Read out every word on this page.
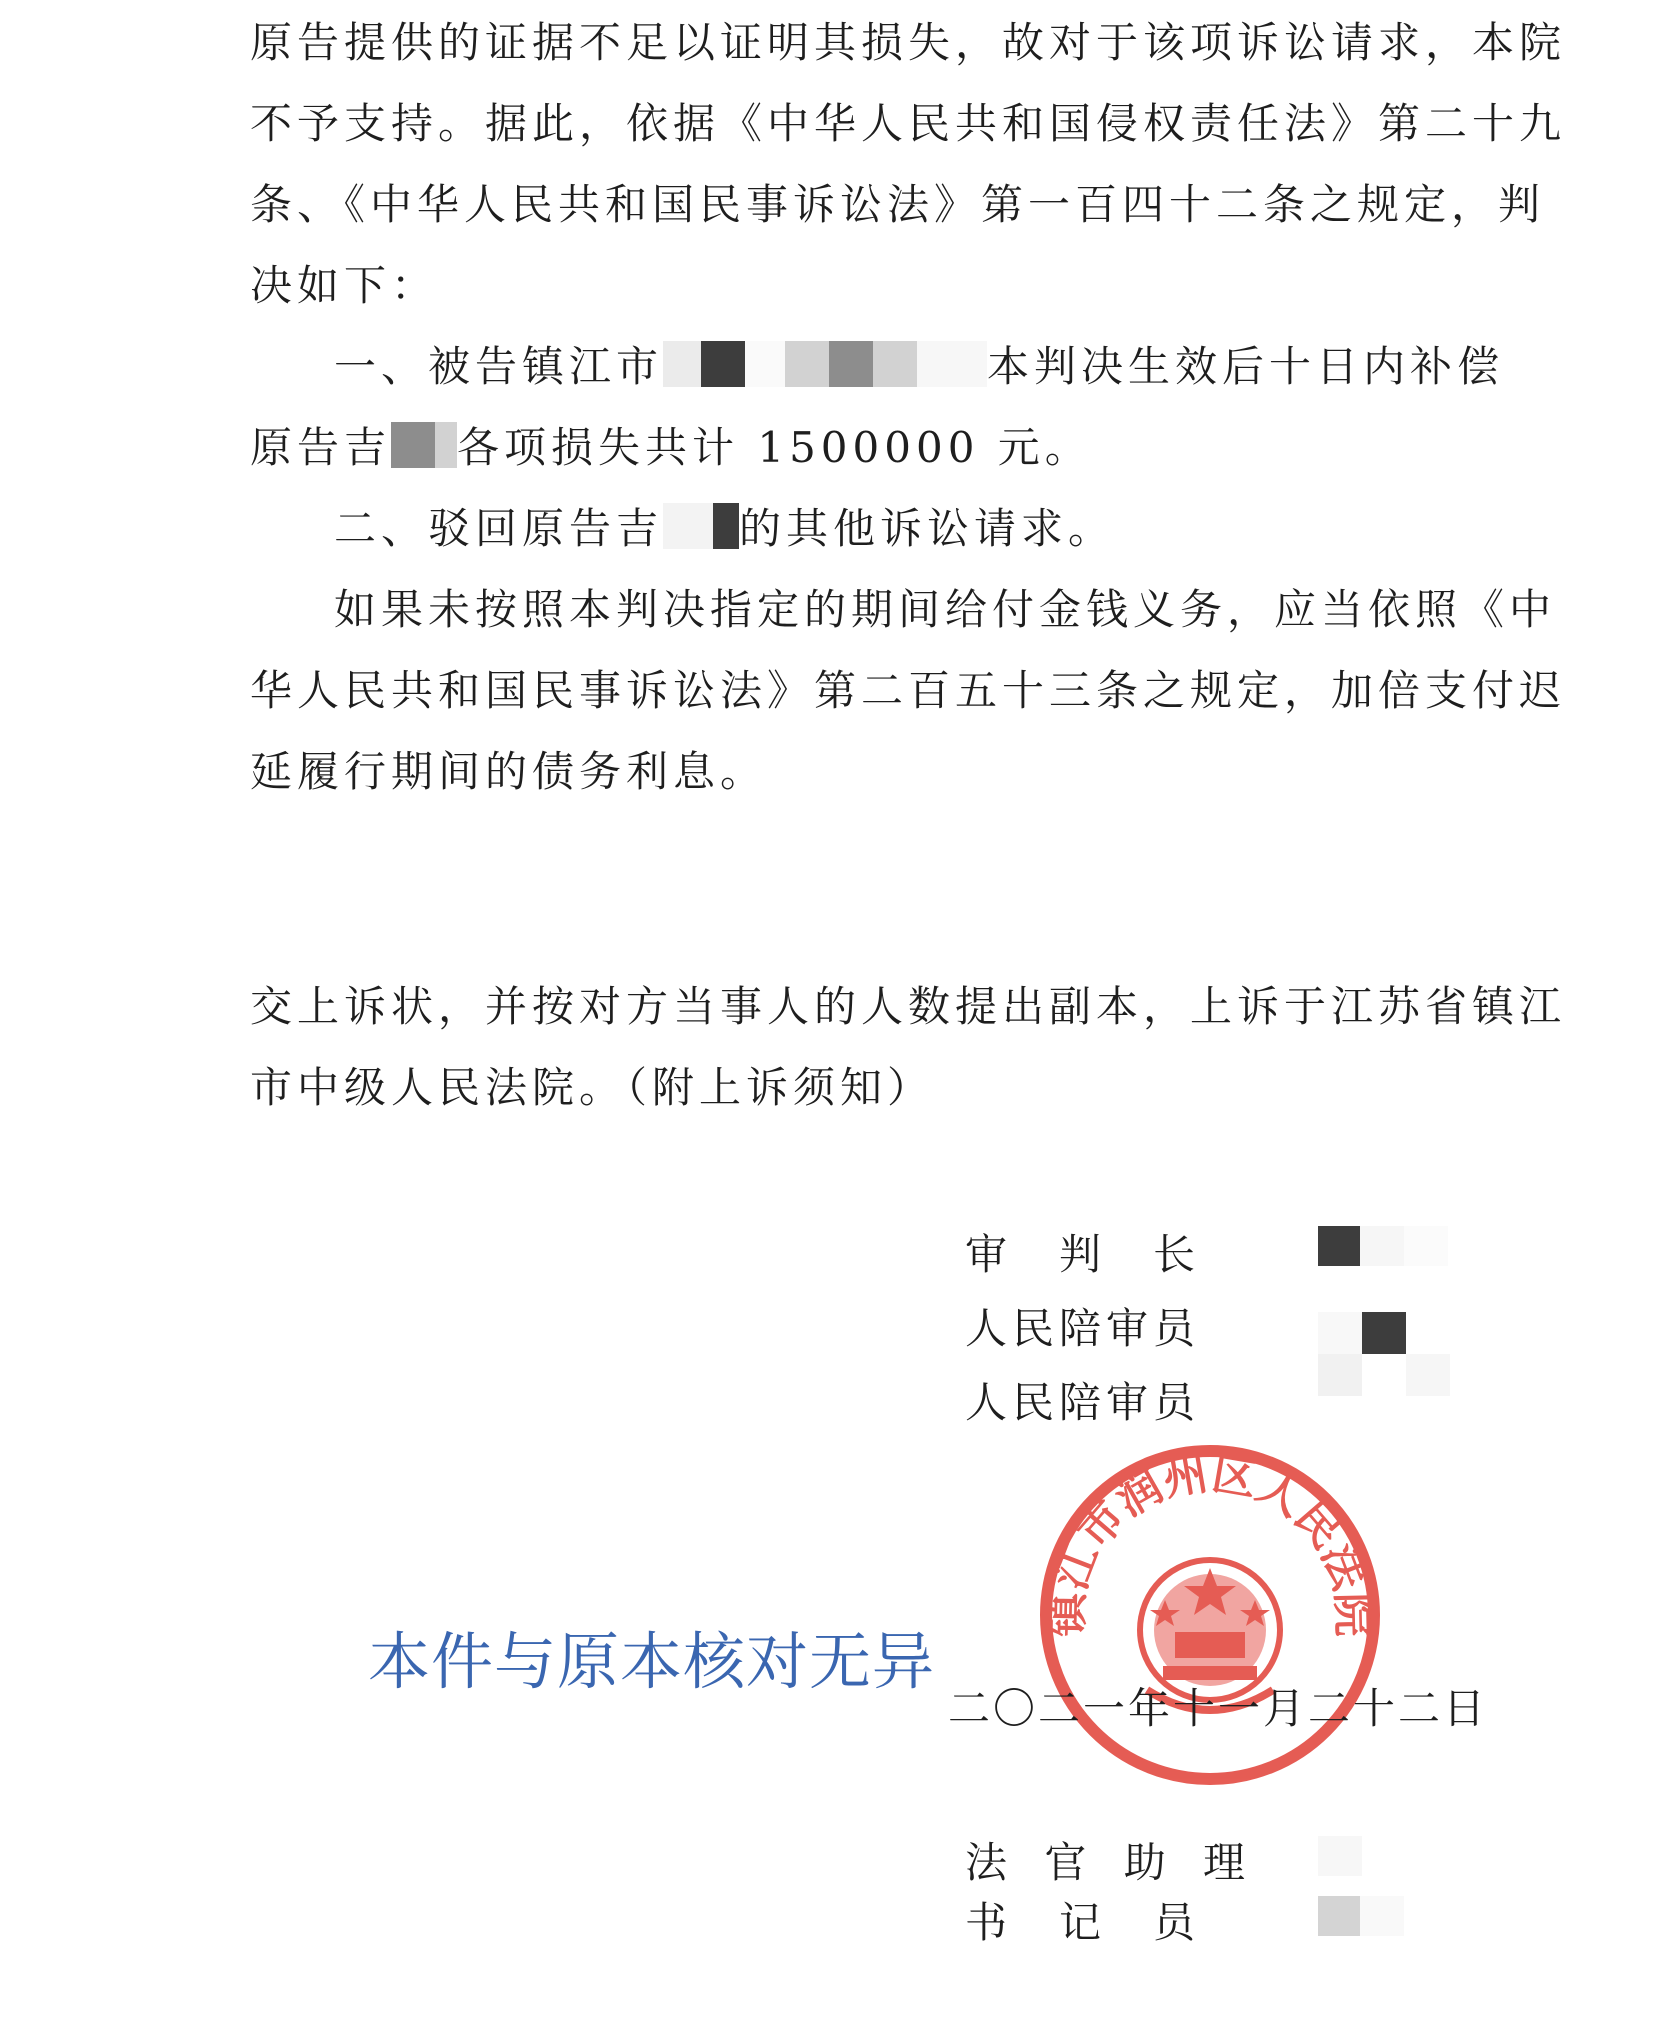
原告提供的证据不足以证明其损失，故对于该项诉讼请求，本院
不予支持。据此，依据《中华人民共和国侵权责任法》第二十九
条、《中华人民共和国民事诉讼法》第一百四十二条之规定，判
决如下：
一、被告镇江市	本判决生效后十日内补偿
原告吉 各项损失共计 1500000 元。
二、驳回原告吉 的其他诉讼请求。
如果未按照本判决指定的期间给付金钱义务，应当依照《中
华人民共和国民事诉讼法》第二百五十三条之规定，加倍支付迟
延履行期间的债务利息。
交上诉状，并按对方当事人的人数提出副本，上诉于江苏省镇江
市中级人民法院。（附上诉须知）
审　判　长
人民陪审员
人民陪审员
镇江市润州区人民法院
二〇二一年十一月二十二日
本件与原本核对无异
法 官 助 理
书　记　员
